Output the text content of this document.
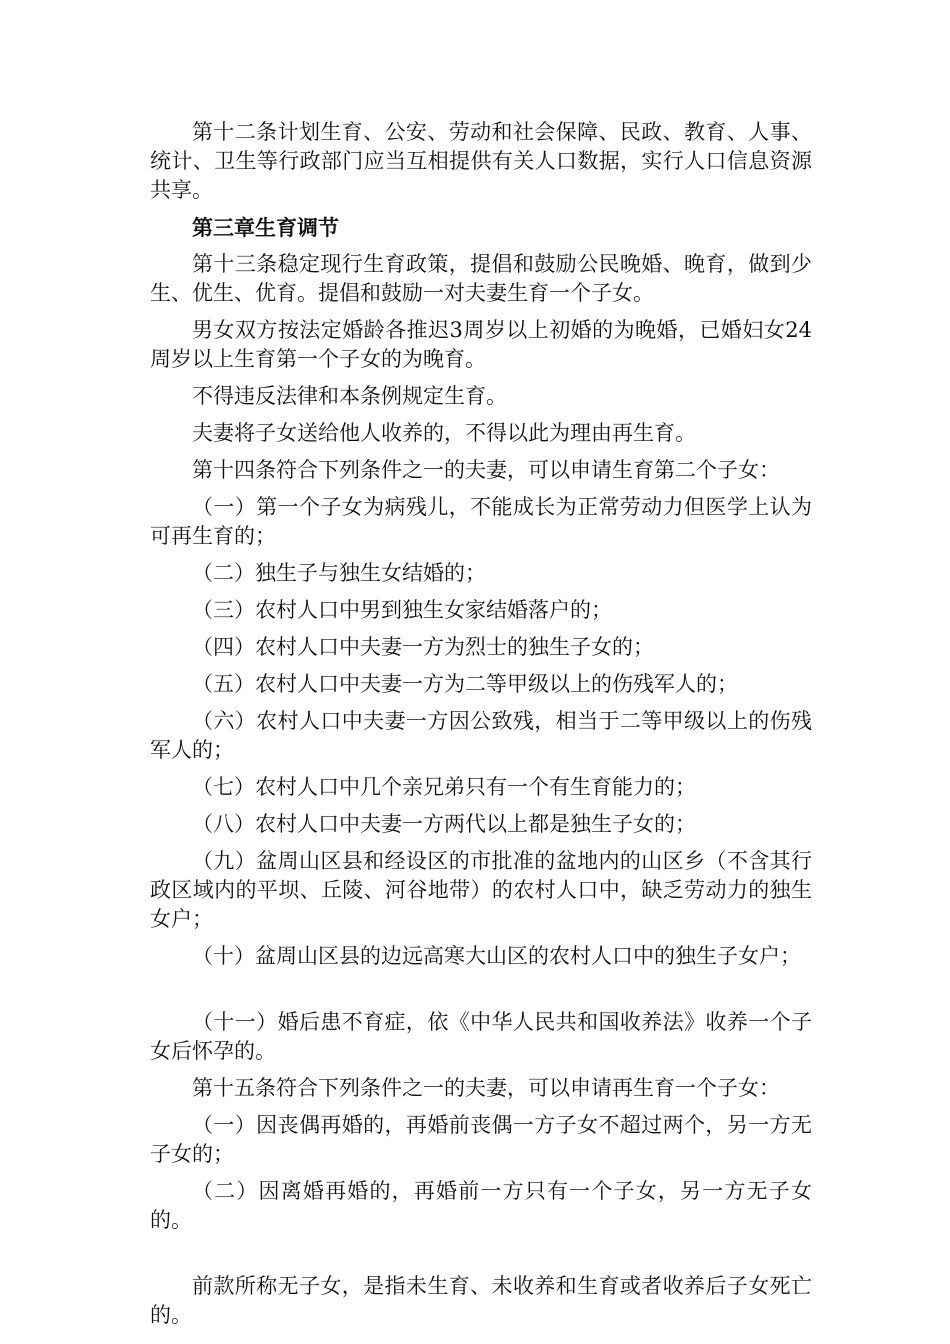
第十二条计划生育、公安、劳动和社会保障、民政、教育、人事、统计、卫生等行政部门应当互相提供有关人口数据，实行人口信息资源共享。

第三章生育调节

第十三条稳定现行生育政策，提倡和鼓励公民晚婚、晚育，做到少生、优生、优育。提倡和鼓励一对夫妻生育一个子女。

男女双方按法定婚龄各推迟3周岁以上初婚的为晚婚，已婚妇女24周岁以上生育第一个子女的为晚育。

不得违反法律和本条例规定生育。

夫妻将子女送给他人收养的，不得以此为理由再生育。

第十四条符合下列条件之一的夫妻，可以申请生育第二个子女：

（一）第一个子女为病残儿，不能成长为正常劳动力但医学上认为可再生育的；

（二）独生子与独生女结婚的；

（三）农村人口中男到独生女家结婚落户的；

（四）农村人口中夫妻一方为烈士的独生子女的；

（五）农村人口中夫妻一方为二等甲级以上的伤残军人的；

（六）农村人口中夫妻一方因公致残，相当于二等甲级以上的伤残军人的；

（七）农村人口中几个亲兄弟只有一个有生育能力的；

（八）农村人口中夫妻一方两代以上都是独生子女的；

（九）盆周山区县和经设区的市批准的盆地内的山区乡（不含其行政区域内的平坝、丘陵、河谷地带）的农村人口中，缺乏劳动力的独生女户；

（十）盆周山区县的边远高寒大山区的农村人口中的独生子女户；

（十一）婚后患不育症，依《中华人民共和国收养法》收养一个子女后怀孕的。

第十五条符合下列条件之一的夫妻，可以申请再生育一个子女：

（一）因丧偶再婚的，再婚前丧偶一方子女不超过两个，另一方无子女的；

（二）因离婚再婚的，再婚前一方只有一个子女，另一方无子女的。

前款所称无子女，是指未生育、未收养和生育或者收养后子女死亡的。
